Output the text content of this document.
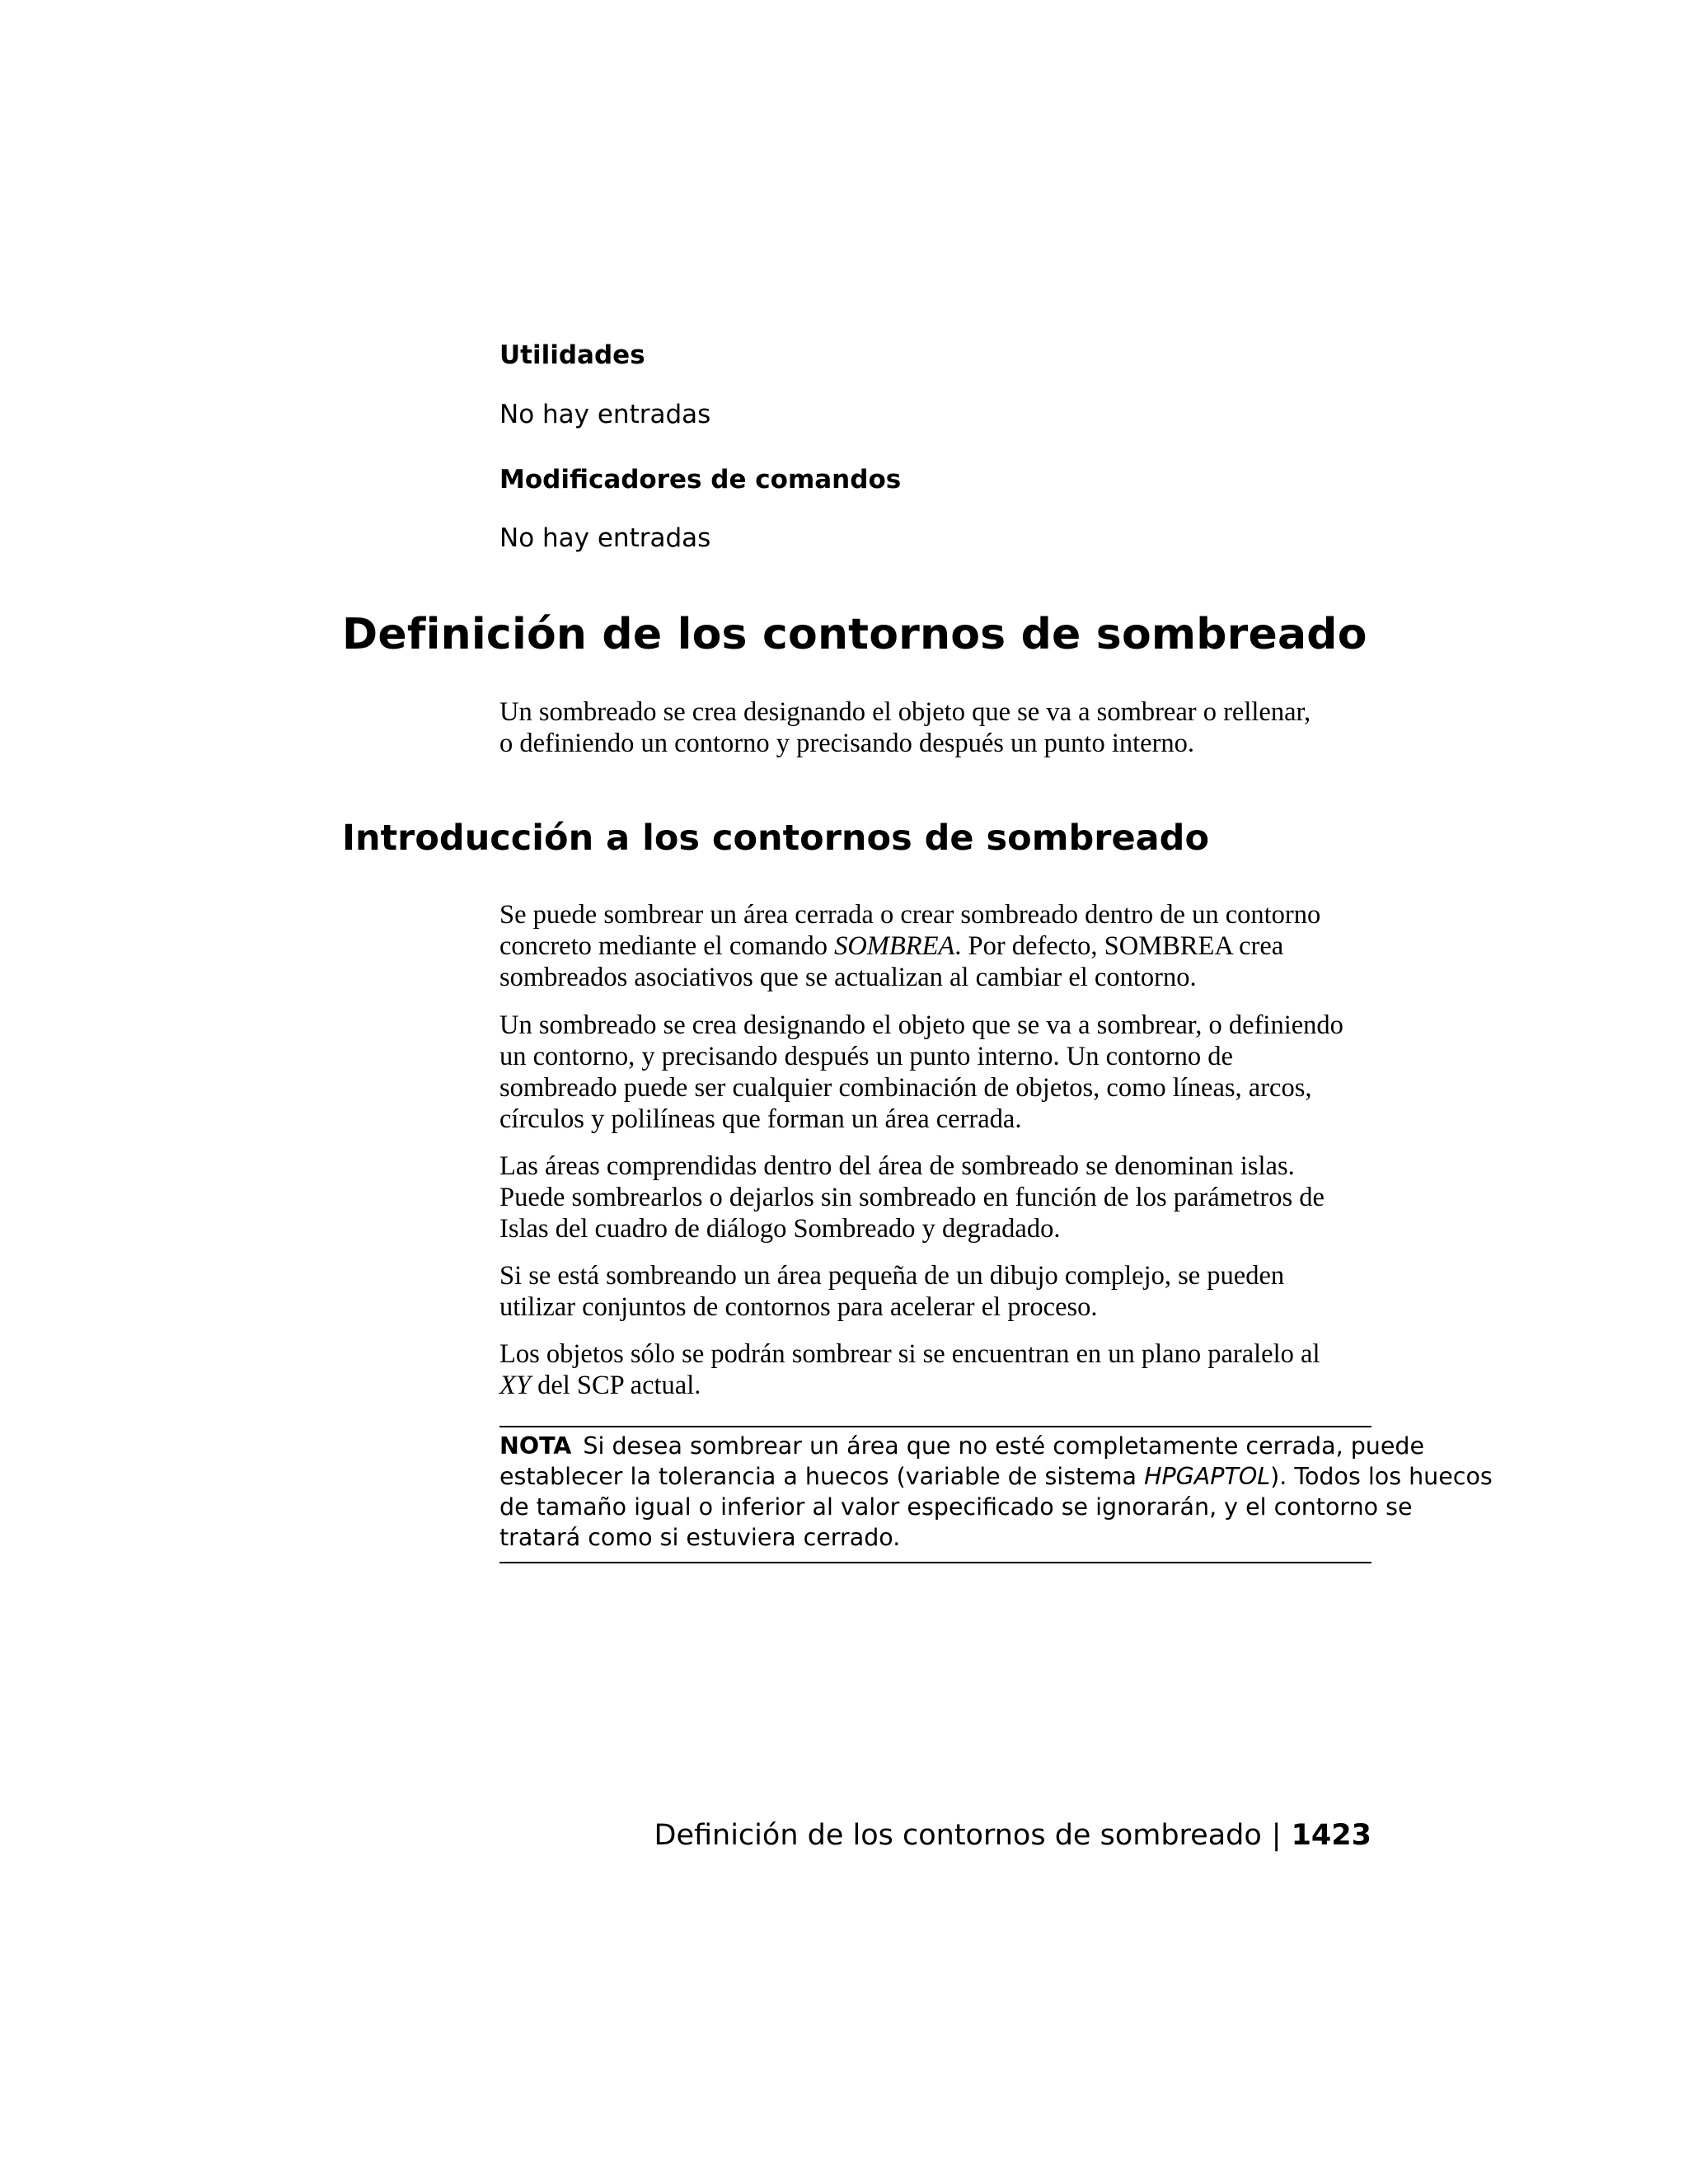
Utilidades

No hay entradas

Modificadores de comandos

No hay entradas

Definición de los contornos de sombreado
Un sombreado se crea designando el objeto que se va a sombrear o rellenar,
o definiendo un contorno y precisando después un punto interno.
Introducción a los contornos de sombreado
Se puede sombrear un área cerrada o crear sombreado dentro de un contorno
concreto mediante el comando SOMBREA. Por defecto, SOMBREA crea
sombreados asociativos que se actualizan al cambiar el contorno.
Un sombreado se crea designando el objeto que se va a sombrear, o definiendo
un contorno, y precisando después un punto interno. Un contorno de
sombreado puede ser cualquier combinación de objetos, como líneas, arcos,
círculos y polilíneas que forman un área cerrada.
Las áreas comprendidas dentro del área de sombreado se denominan islas.
Puede sombrearlos o dejarlos sin sombreado en función de los parámetros de
Islas del cuadro de diálogo Sombreado y degradado.
Si se está sombreando un área pequeña de un dibujo complejo, se pueden
utilizar conjuntos de contornos para acelerar el proceso.
Los objetos sólo se podrán sombrear si se encuentran en un plano paralelo al
XY del SCP actual.
NOTA Si desea sombrear un área que no esté completamente cerrada, puede
establecer la tolerancia a huecos (variable de sistema HPGAPTOL). Todos los huecos
de tamaño igual o inferior al valor especificado se ignorarán, y el contorno se
tratará como si estuviera cerrado.
Definición de los contornos de sombreado | 1423
